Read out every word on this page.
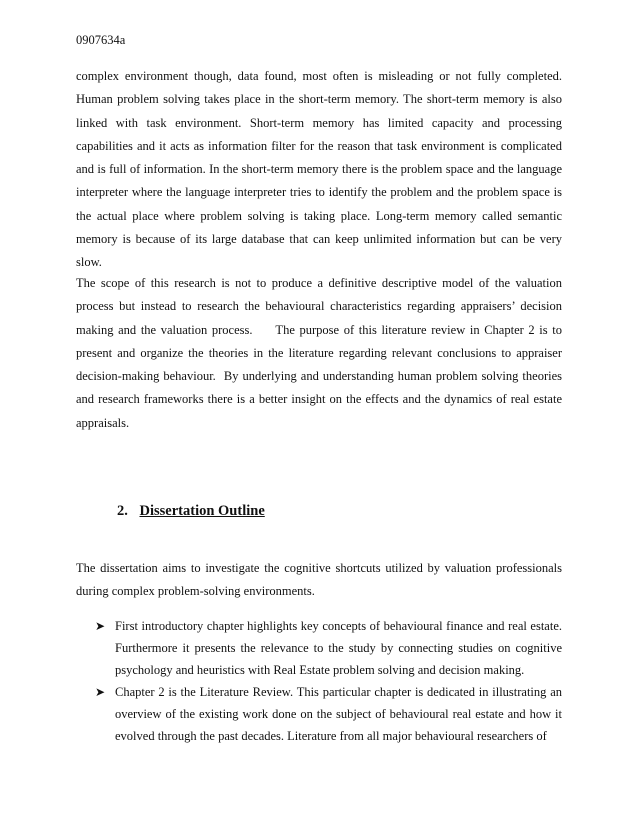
0907634a

complex environment though, data found, most often is misleading or not fully completed. Human problem solving takes place in the short-term memory. The short-term memory is also linked with task environment. Short-term memory has limited capacity and processing capabilities and it acts as information filter for the reason that task environment is complicated and is full of information. In the short-term memory there is the problem space and the language interpreter where the language interpreter tries to identify the problem and the problem space is the actual place where problem solving is taking place. Long-term memory called semantic memory is because of its large database that can keep unlimited information but can be very slow.

The scope of this research is not to produce a definitive descriptive model of the valuation process but instead to research the behavioural characteristics regarding appraisers’ decision making and the valuation process.     The purpose of this literature review in Chapter 2 is to present and organize the theories in the literature regarding relevant conclusions to appraiser decision-making behaviour.  By underlying and understanding human problem solving theories and research frameworks there is a better insight on the effects and the dynamics of real estate appraisals.

2. Dissertation Outline

The dissertation aims to investigate the cognitive shortcuts utilized by valuation professionals during complex problem-solving environments.

➤ First introductory chapter highlights key concepts of behavioural finance and real estate. Furthermore it presents the relevance to the study by connecting studies on cognitive psychology and heuristics with Real Estate problem solving and decision making.
➤ Chapter 2 is the Literature Review. This particular chapter is dedicated in illustrating an overview of the existing work done on the subject of behavioural real estate and how it evolved through the past decades. Literature from all major behavioural researchers of
